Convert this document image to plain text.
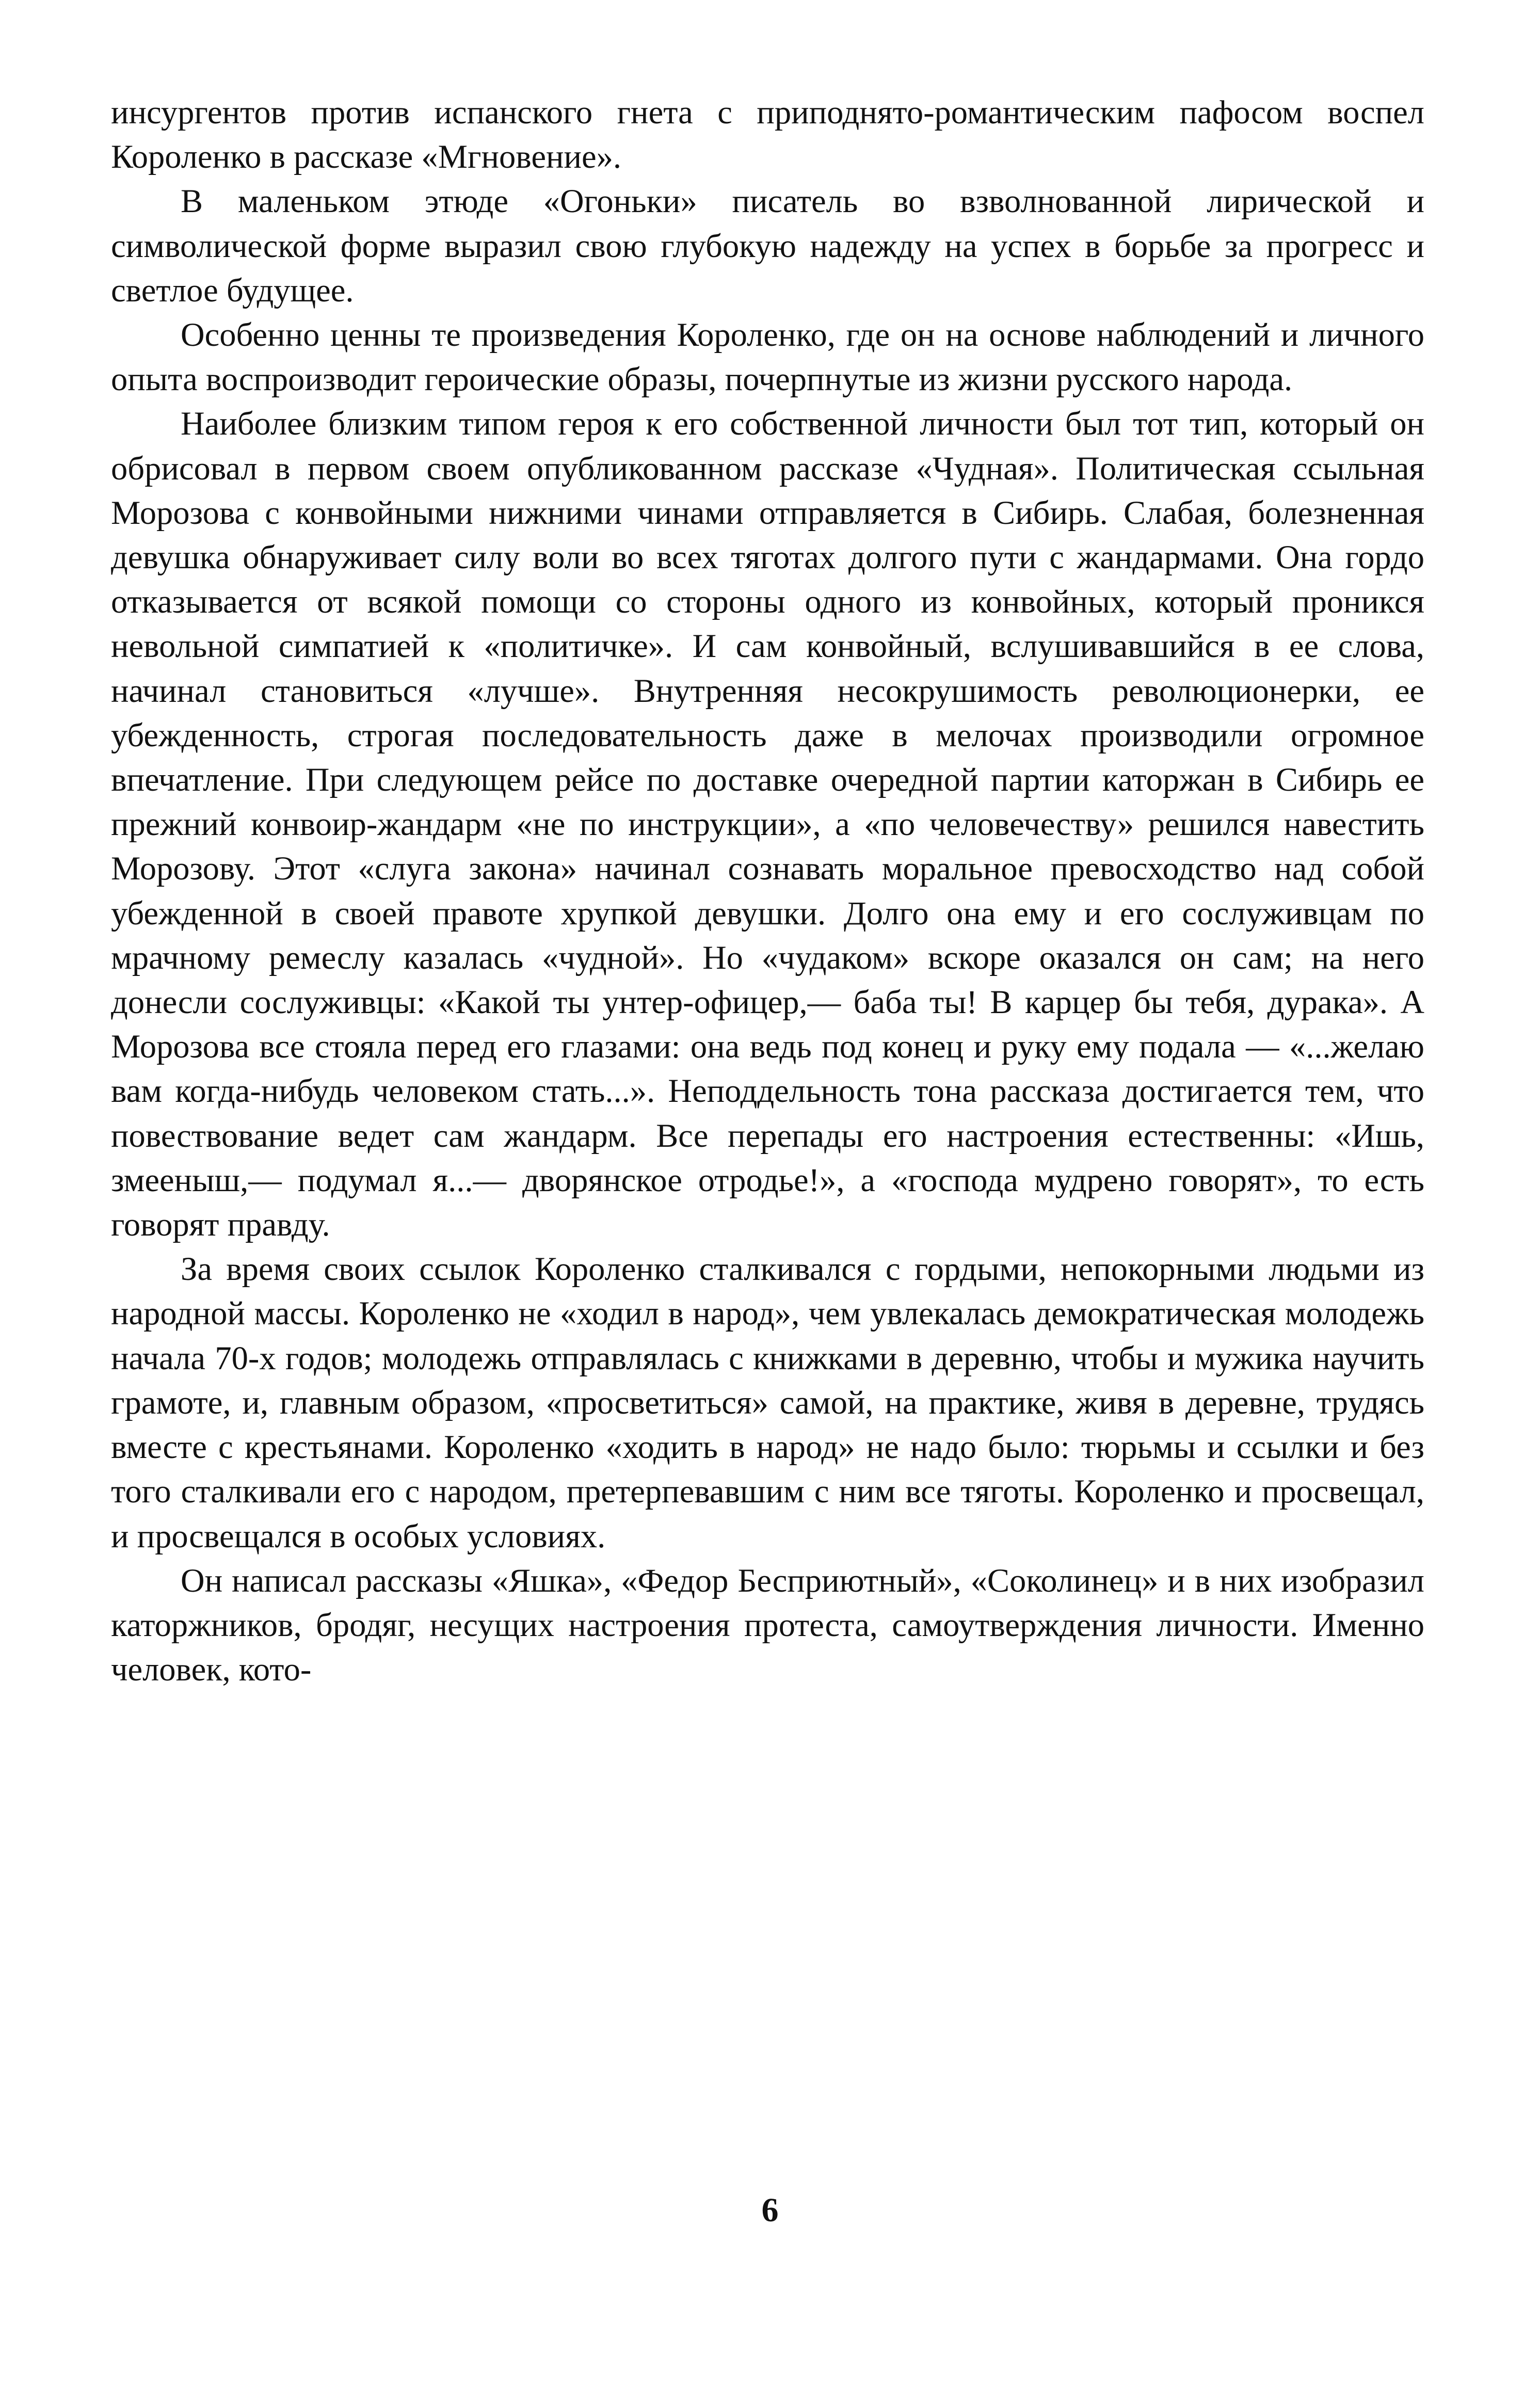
инсургентов против испанского гнета с приподнято-романтическим пафосом воспел Короленко в рассказе «Мгновение».

В маленьком этюде «Огоньки» писатель во взволнованной лирической и символической форме выразил свою глубокую надежду на успех в борьбе за прогресс и светлое будущее.

Особенно ценны те произведения Короленко, где он на основе наблюдений и личного опыта воспроизводит героические образы, почерпнутые из жизни русского народа.

Наиболее близким типом героя к его собственной личности был тот тип, который он обрисовал в первом своем опубликованном рассказе «Чудная». Политическая ссыльная Морозова с конвойными нижними чинами отправляется в Сибирь. Слабая, болезненная девушка обнаруживает силу воли во всех тяготах долгого пути с жандармами. Она гордо отказывается от всякой помощи со стороны одного из конвойных, который проникся невольной симпатией к «политичке». И сам конвойный, вслушивавшийся в ее слова, начинал становиться «лучше». Внутренняя несокрушимость революционерки, ее убежденность, строгая последовательность даже в мелочах производили огромное впечатление. При следующем рейсе по доставке очередной партии каторжан в Сибирь ее прежний конвоир-жандарм «не по инструкции», а «по человечеству» решился навестить Морозову. Этот «слуга закона» начинал сознавать моральное превосходство над собой убежденной в своей правоте хрупкой девушки. Долго она ему и его сослуживцам по мрачному ремеслу казалась «чудной». Но «чудаком» вскоре оказался он сам; на него донесли сослуживцы: «Какой ты унтер-офицер,— баба ты! В карцер бы тебя, дурака». А Морозова все стояла перед его глазами: она ведь под конец и руку ему подала — «...желаю вам когда-нибудь человеком стать...». Неподдельность тона рассказа достигается тем, что повествование ведет сам жандарм. Все перепады его настроения естественны: «Ишь, змееныш,— подумал я...— дворянское отродье!», а «господа мудрено говорят», то есть говорят правду.

За время своих ссылок Короленко сталкивался с гордыми, непокорными людьми из народной массы. Короленко не «ходил в народ», чем увлекалась демократическая молодежь начала 70-х годов; молодежь отправлялась с книжками в деревню, чтобы и мужика научить грамоте, и, главным образом, «просветиться» самой, на практике, живя в деревне, трудясь вместе с крестьянами. Короленко «ходить в народ» не надо было: тюрьмы и ссылки и без того сталкивали его с народом, претерпевавшим с ним все тяготы. Короленко и просвещал, и просвещался в особых условиях.

Он написал рассказы «Яшка», «Федор Бесприютный», «Соколинец» и в них изобразил каторжников, бродяг, несущих настроения протеста, самоутверждения личности. Именно человек, кото-

6
